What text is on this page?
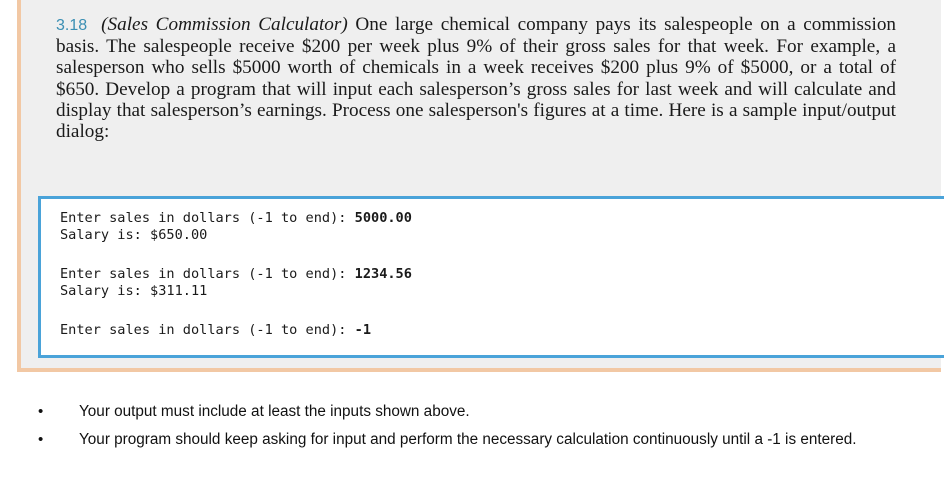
3.18 (Sales Commission Calculator) One large chemical company pays its salespeople on a commission basis. The salespeople receive $200 per week plus 9% of their gross sales for that week. For example, a salesperson who sells $5000 worth of chemicals in a week receives $200 plus 9% of $5000, or a total of $650. Develop a program that will input each salesperson’s gross sales for last week and will calculate and display that salesperson’s earnings. Process one salesperson's figures at a time. Here is a sample input/output dialog:

Enter sales in dollars (-1 to end): 5000.00
Salary is: $650.00
Enter sales in dollars (-1 to end): 1234.56
Salary is: $311.11
Enter sales in dollars (-1 to end): -1
• Your output must include at least the inputs shown above.
• Your program should keep asking for input and perform the necessary calculation continuously until a -1 is entered.
